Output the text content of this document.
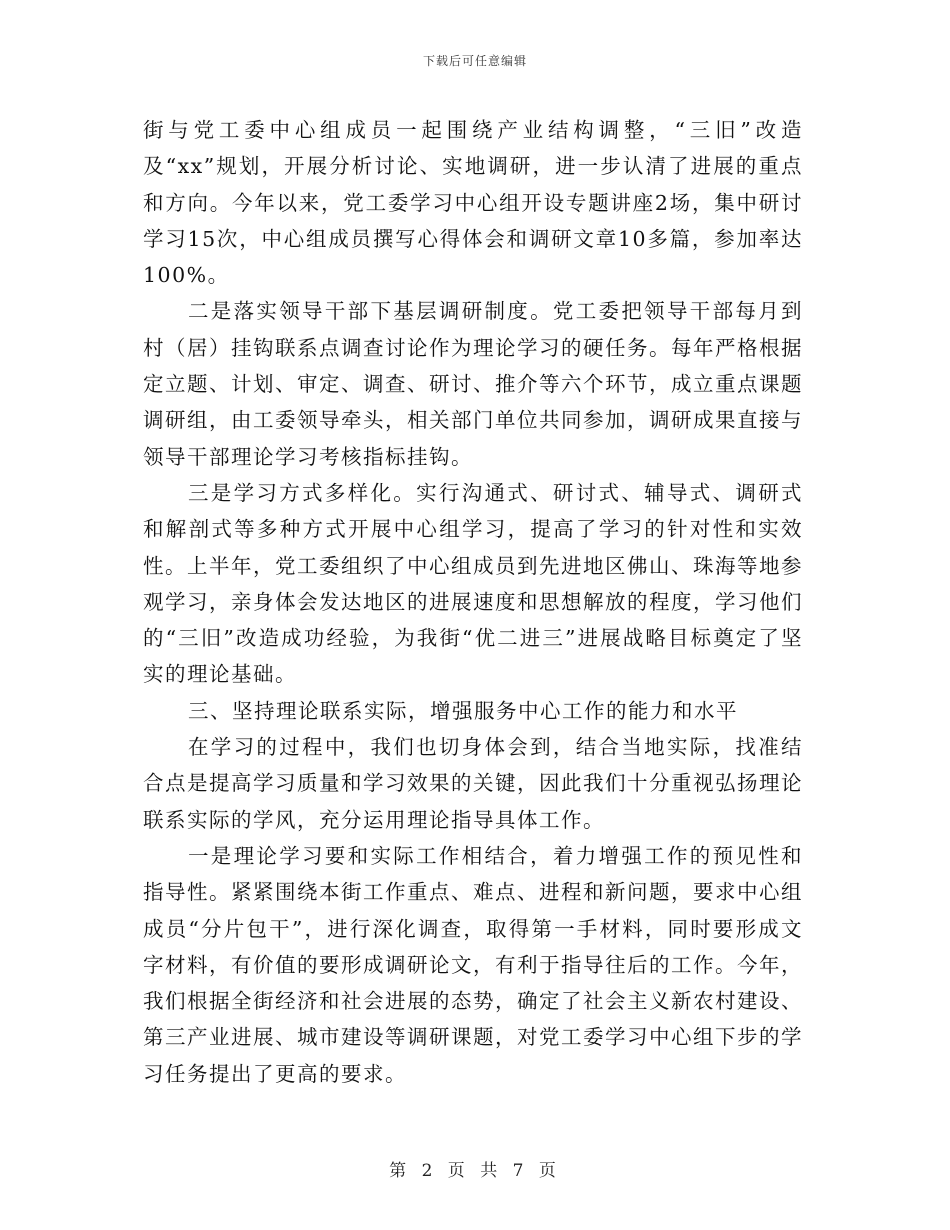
下载后可任意编辑

街与党工委中心组成员一起围绕产业结构调整，“三旧”改造及“xx”规划，开展分析讨论、实地调研，进一步认清了进展的重点和方向。今年以来，党工委学习中心组开设专题讲座2场，集中研讨学习15次，中心组成员撰写心得体会和调研文章10多篇，参加率达100%。

二是落实领导干部下基层调研制度。党工委把领导干部每月到村（居）挂钩联系点调查讨论作为理论学习的硬任务。每年严格根据定立题、计划、审定、调查、研讨、推介等六个环节，成立重点课题调研组，由工委领导牵头，相关部门单位共同参加，调研成果直接与领导干部理论学习考核指标挂钩。

三是学习方式多样化。实行沟通式、研讨式、辅导式、调研式和解剖式等多种方式开展中心组学习，提高了学习的针对性和实效性。上半年，党工委组织了中心组成员到先进地区佛山、珠海等地参观学习，亲身体会发达地区的进展速度和思想解放的程度，学习他们的“三旧”改造成功经验，为我街“优二进三”进展战略目标奠定了坚实的理论基础。

三、坚持理论联系实际，增强服务中心工作的能力和水平

在学习的过程中，我们也切身体会到，结合当地实际，找准结合点是提高学习质量和学习效果的关键，因此我们十分重视弘扬理论联系实际的学风，充分运用理论指导具体工作。

一是理论学习要和实际工作相结合，着力增强工作的预见性和指导性。紧紧围绕本街工作重点、难点、进程和新问题，要求中心组成员“分片包干”，进行深化调查，取得第一手材料，同时要形成文字材料，有价值的要形成调研论文，有利于指导往后的工作。今年，我们根据全街经济和社会进展的态势，确定了社会主义新农村建设、第三产业进展、城市建设等调研课题，对党工委学习中心组下步的学习任务提出了更高的要求。

第 2 页 共 7 页
